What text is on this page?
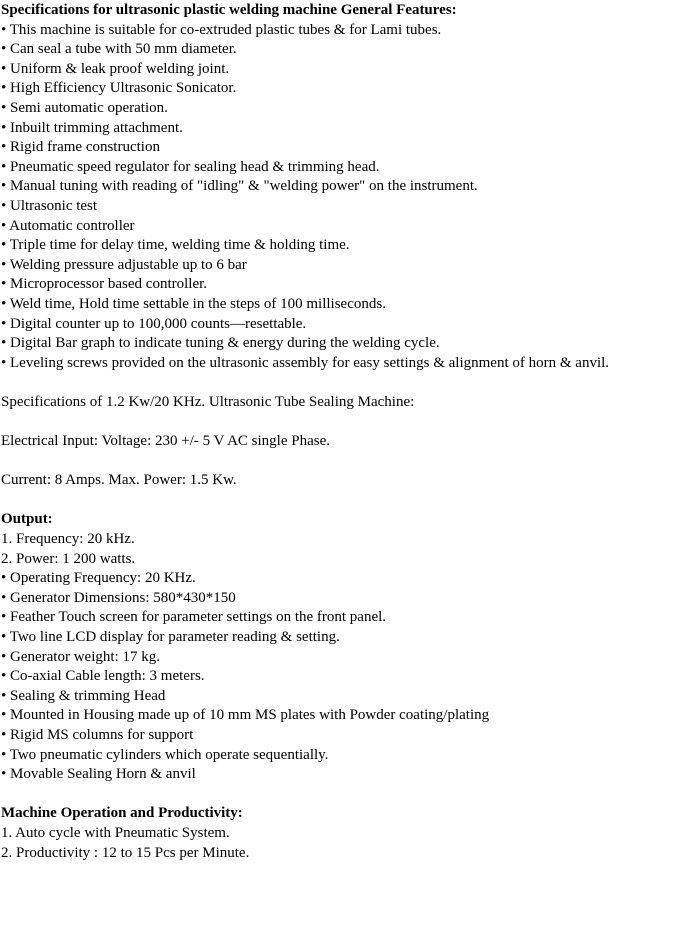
Specifications for ultrasonic plastic welding machine General Features:
• This machine is suitable for co-extruded plastic tubes & for Lami tubes.
• Can seal a tube with 50 mm diameter.
• Uniform & leak proof welding joint.
• High Efficiency Ultrasonic Sonicator.
• Semi automatic operation.
• Inbuilt trimming attachment.
• Rigid frame construction
• Pneumatic speed regulator for sealing head & trimming head.
• Manual tuning with reading of "idling" & "welding power" on the instrument.
• Ultrasonic test
• Automatic controller
• Triple time for delay time, welding time & holding time.
• Welding pressure adjustable up to 6 bar
• Microprocessor based controller.
• Weld time, Hold time settable in the steps of 100 milliseconds.
• Digital counter up to 100,000 counts—resettable.
• Digital Bar graph to indicate tuning & energy during the welding cycle.
• Leveling screws provided on the ultrasonic assembly for easy settings & alignment of horn & anvil.
Specifications of 1.2 Kw/20 KHz. Ultrasonic Tube Sealing Machine:
Electrical Input: Voltage: 230 +/- 5 V AC single Phase.
Current: 8 Amps. Max. Power: 1.5 Kw.
Output:
1. Frequency: 20 kHz.
2. Power: 1 200 watts.
• Operating Frequency: 20 KHz.
• Generator Dimensions: 580*430*150
• Feather Touch screen for parameter settings on the front panel.
• Two line LCD display for parameter reading & setting.
• Generator weight: 17 kg.
• Co-axial Cable length: 3 meters.
• Sealing & trimming Head
• Mounted in Housing made up of 10 mm MS plates with Powder coating/plating
• Rigid MS columns for support
• Two pneumatic cylinders which operate sequentially.
• Movable Sealing Horn & anvil
Machine Operation and Productivity:
1. Auto cycle with Pneumatic System.
2. Productivity : 12 to 15 Pcs per Minute.
